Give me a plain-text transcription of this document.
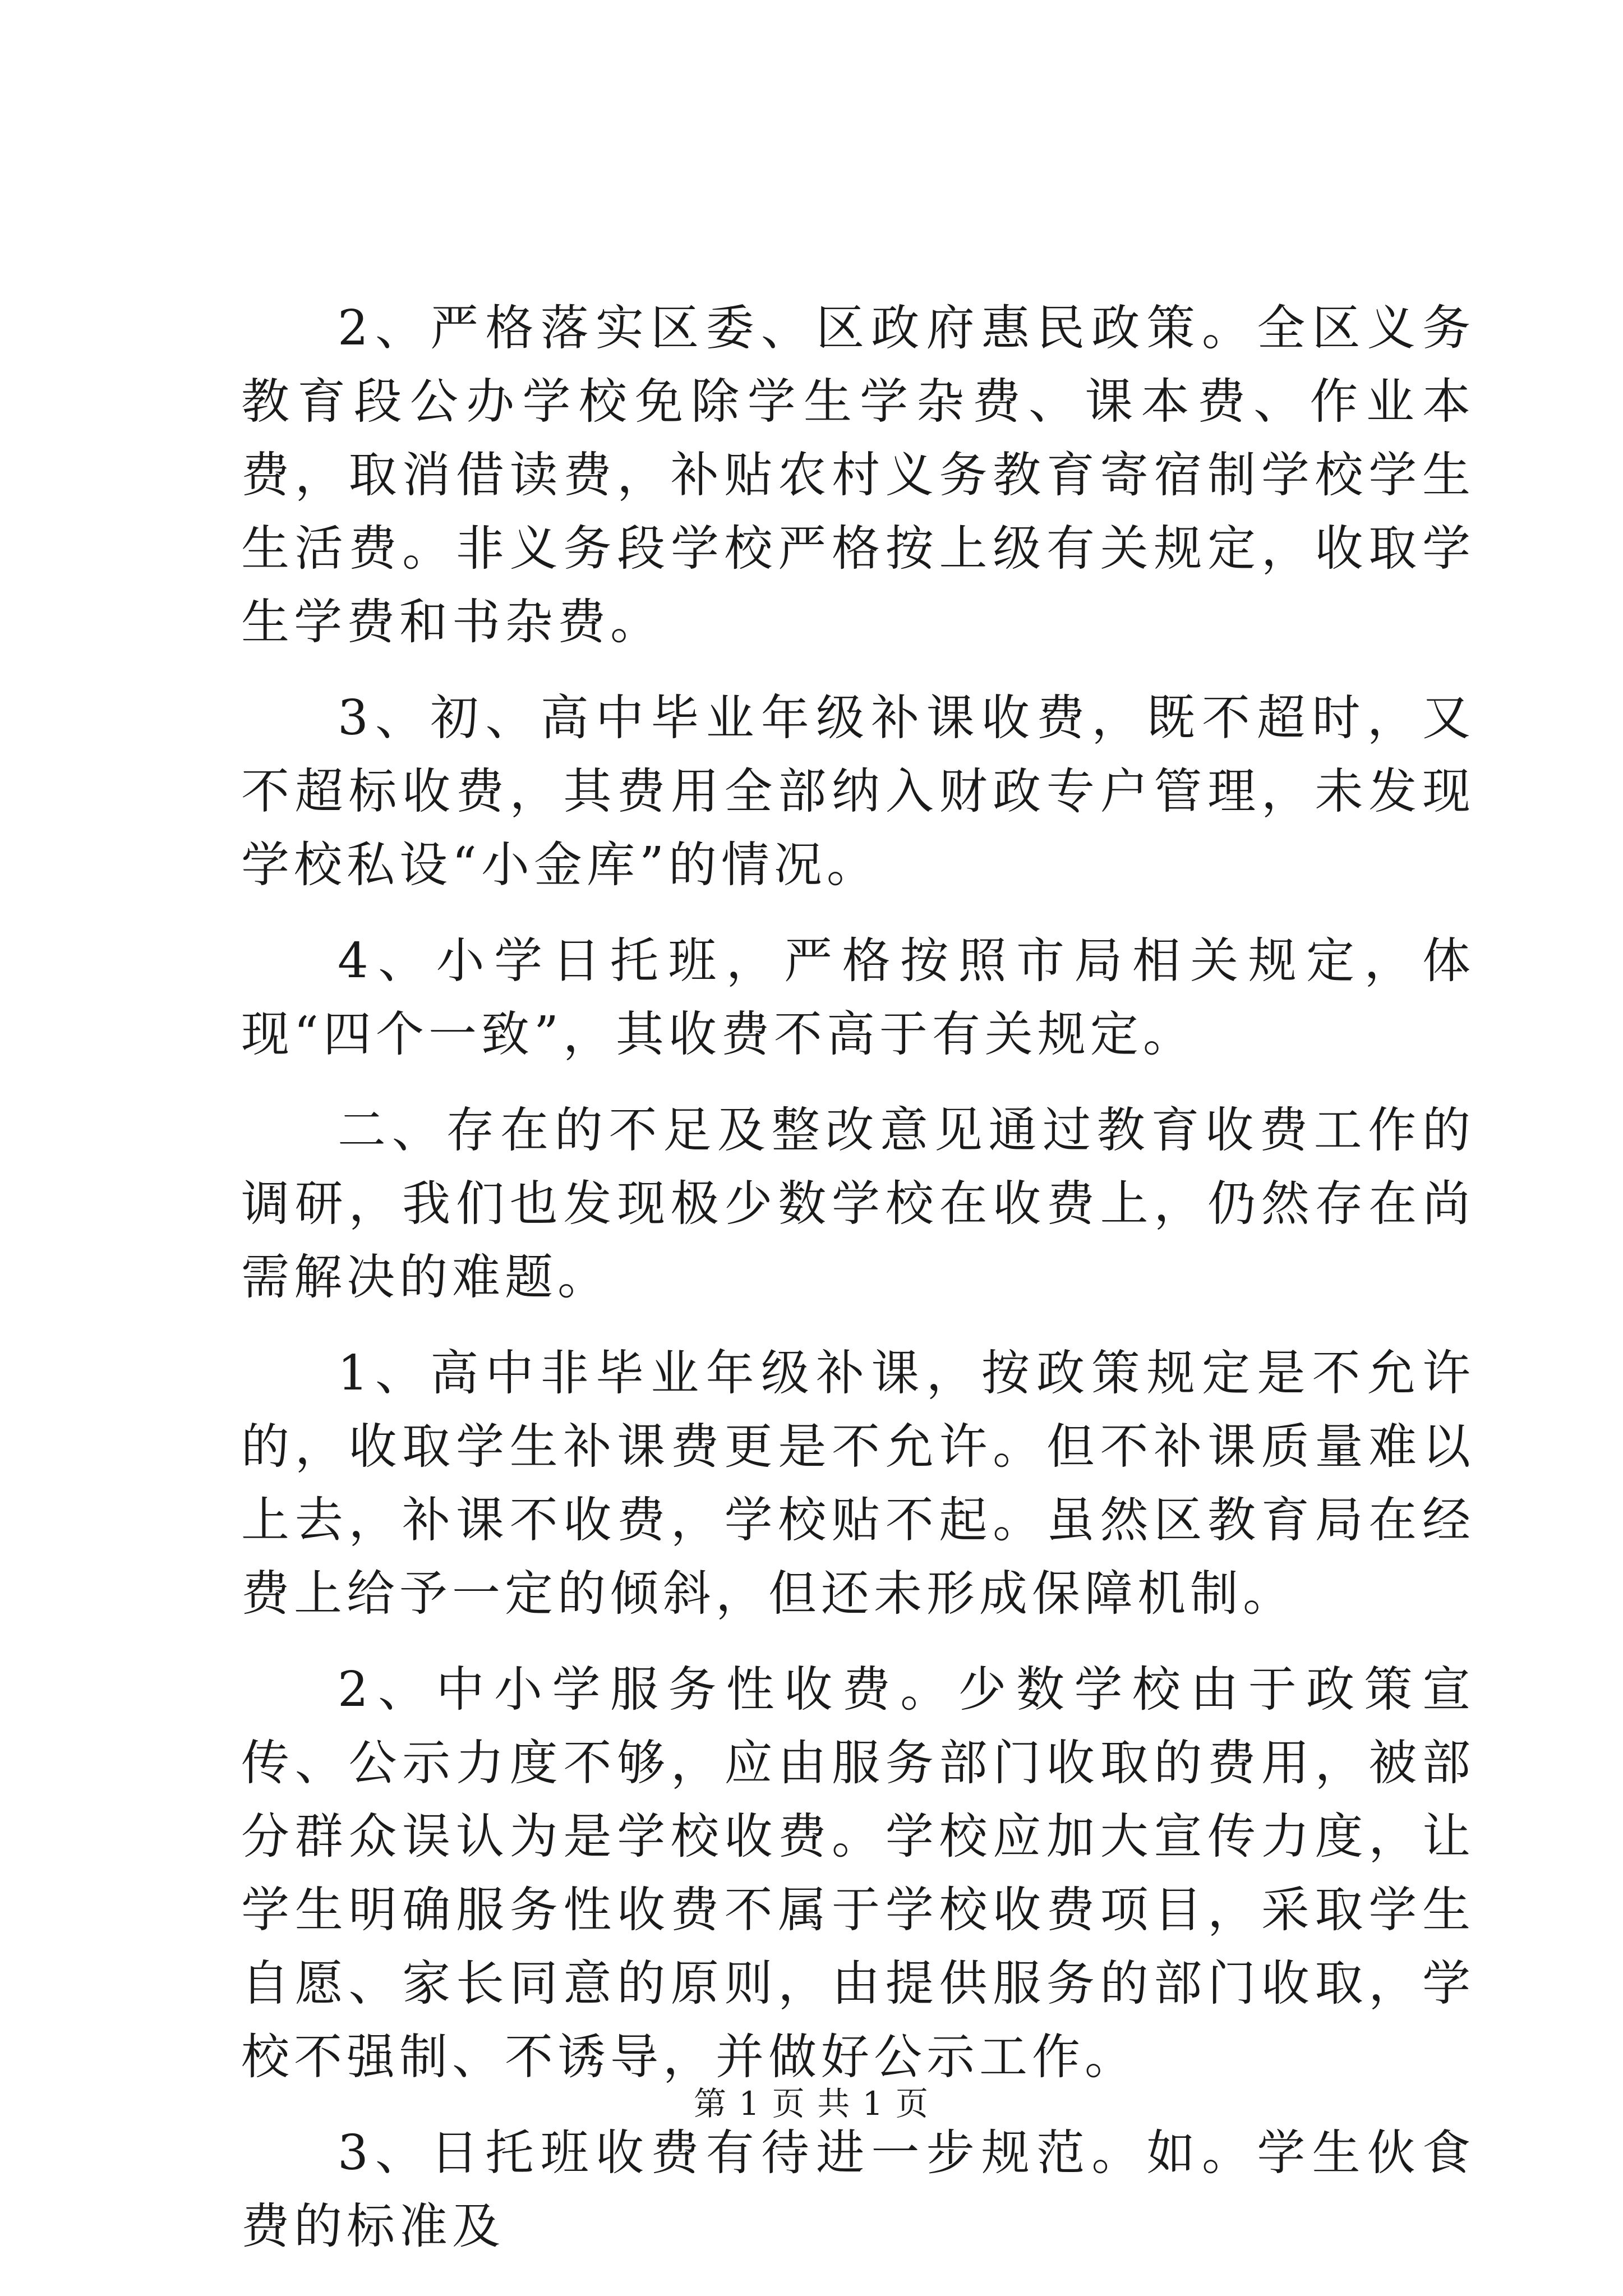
2、严格落实区委、区政府惠民政策。全区义务教育段公办学校免除学生学杂费、课本费、作业本费，取消借读费，补贴农村义务教育寄宿制学校学生生活费。非义务段学校严格按上级有关规定，收取学生学费和书杂费。

3、初、高中毕业年级补课收费，既不超时，又不超标收费，其费用全部纳入财政专户管理，未发现学校私设“小金库”的情况。

4、小学日托班，严格按照市局相关规定，体现“四个一致”，其收费不高于有关规定。

二、存在的不足及整改意见通过教育收费工作的调研，我们也发现极少数学校在收费上，仍然存在尚需解决的难题。

1、高中非毕业年级补课，按政策规定是不允许的，收取学生补课费更是不允许。但不补课质量难以上去，补课不收费，学校贴不起。虽然区教育局在经费上给予一定的倾斜，但还未形成保障机制。

2、中小学服务性收费。少数学校由于政策宣传、公示力度不够，应由服务部门收取的费用，被部分群众误认为是学校收费。学校应加大宣传力度，让学生明确服务性收费不属于学校收费项目，采取学生自愿、家长同意的原则，由提供服务的部门收取，学校不强制、不诱导，并做好公示工作。

3、日托班收费有待进一步规范。如。学生伙食费的标准及

第 1 页 共 1 页
